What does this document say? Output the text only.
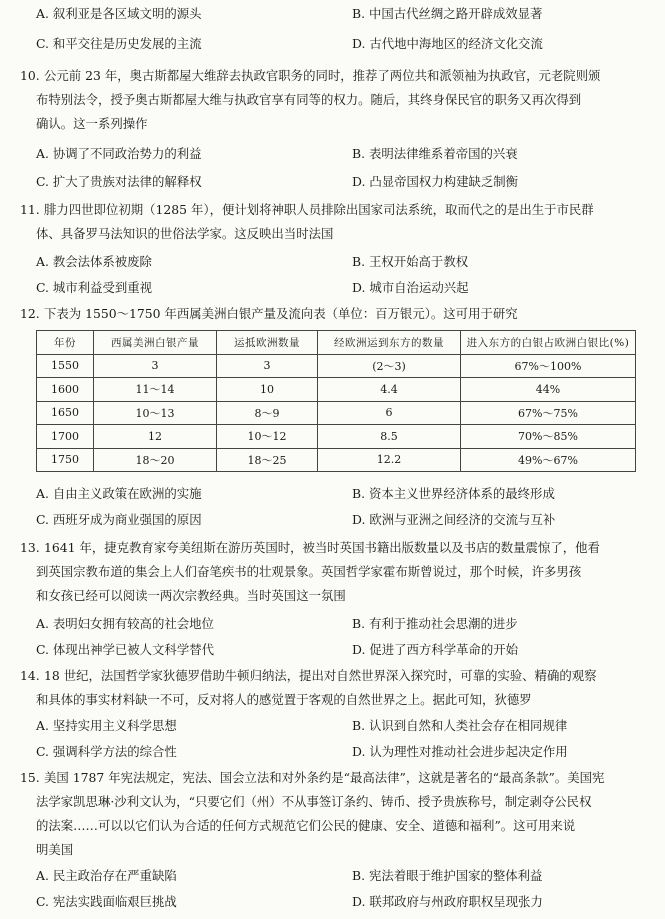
A. 叙利亚是各区域文明的源头	B. 中国古代丝绸之路开辟成效显著
C. 和平交往是历史发展的主流	D. 古代地中海地区的经济文化交流
10. 公元前 23 年，奥古斯都屋大维辞去执政官职务的同时，推荐了两位共和派领袖为执政官，元老院则颁
布特别法令，授予奥古斯都屋大维与执政官享有同等的权力。随后，其终身保民官的职务又再次得到
确认。这一系列操作
A. 协调了不同政治势力的利益	B. 表明法律维系着帝国的兴衰
C. 扩大了贵族对法律的解释权	D. 凸显帝国权力构建缺乏制衡
11. 腓力四世即位初期（1285 年），便计划将神职人员排除出国家司法系统，取而代之的是出生于市民群
体、具备罗马法知识的世俗法学家。这反映出当时法国
A. 教会法体系被废除	B. 王权开始高于教权
C. 城市利益受到重视	D. 城市自治运动兴起
12. 下表为 1550～1750 年西属美洲白银产量及流向表（单位：百万银元）。这可用于研究
年份	西属美洲白银产量	运抵欧洲数量	经欧洲运到东方的数量	进入东方的白银占欧洲白银比(%)
1550	3	3	(2～3)	67%～100%
1600	11～14	10	4.4	44%
1650	10～13	8～9	6	67%～75%
1700	12	10～12	8.5	70%～85%
1750	18～20	18～25	12.2	49%～67%
A. 自由主义政策在欧洲的实施	B. 资本主义世界经济体系的最终形成
C. 西班牙成为商业强国的原因	D. 欧洲与亚洲之间经济的交流与互补
13. 1641 年，捷克教育家夸美纽斯在游历英国时，被当时英国书籍出版数量以及书店的数量震惊了，他看
到英国宗教布道的集会上人们奋笔疾书的壮观景象。英国哲学家霍布斯曾说过，那个时候，许多男孩
和女孩已经可以阅读一两次宗教经典。当时英国这一氛围
A. 表明妇女拥有较高的社会地位	B. 有利于推动社会思潮的进步
C. 体现出神学已被人文科学替代	D. 促进了西方科学革命的开始
14. 18 世纪，法国哲学家狄德罗借助牛顿归纳法，提出对自然世界深入探究时，可靠的实验、精确的观察
和具体的事实材料缺一不可，反对将人的感觉置于客观的自然世界之上。据此可知，狄德罗
A. 坚持实用主义科学思想	B. 认识到自然和人类社会存在相同规律
C. 强调科学方法的综合性	D. 认为理性对推动社会进步起决定作用
15. 美国 1787 年宪法规定，宪法、国会立法和对外条约是“最高法律”，这就是著名的“最高条款”。美国宪
法学家凯思琳·沙利文认为，“只要它们（州）不从事签订条约、铸币、授予贵族称号，制定剥夺公民权
的法案……可以以它们认为合适的任何方式规范它们公民的健康、安全、道德和福利”。这可用来说
明美国
A. 民主政治存在严重缺陷	B. 宪法着眼于维护国家的整体利益
C. 宪法实践面临艰巨挑战	D. 联邦政府与州政府职权呈现张力
